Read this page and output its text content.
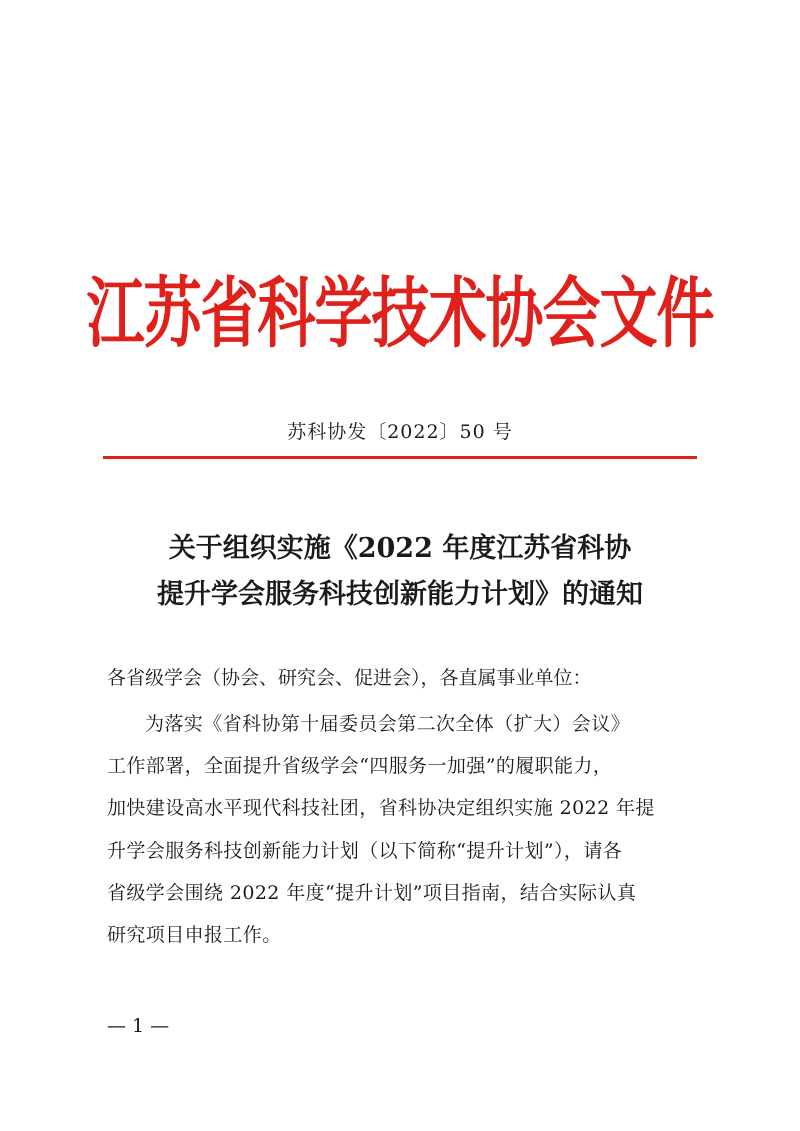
江苏省科学技术协会文件
苏科协发〔2022〕50 号
关于组织实施《2022 年度江苏省科协
提升学会服务科技创新能力计划》的通知
各省级学会（协会、研究会、促进会），各直属事业单位：
为落实《省科协第十届委员会第二次全体（扩大）会议》
工作部署，全面提升省级学会“四服务一加强”的履职能力，
加快建设高水平现代科技社团，省科协决定组织实施 2022 年提
升学会服务科技创新能力计划（以下简称“提升计划”），请各
省级学会围绕 2022 年度“提升计划”项目指南，结合实际认真
研究项目申报工作。
— 1 —
